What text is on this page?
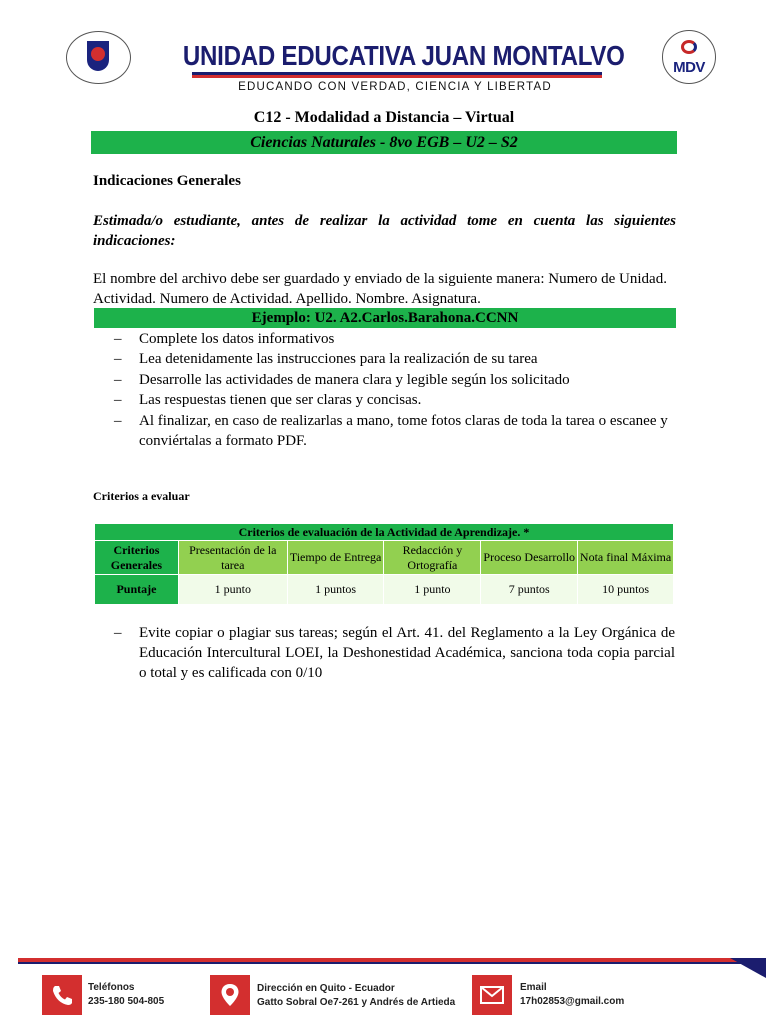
UNIDAD EDUCATIVA JUAN MONTALVO
EDUCANDO CON VERDAD, CIENCIA Y LIBERTAD
MDV
C12 - Modalidad a Distancia – Virtual
Ciencias Naturales - 8vo EGB – U2 – S2
Indicaciones Generales
Estimada/o estudiante, antes de realizar la actividad tome en cuenta las siguientes indicaciones:
El nombre del archivo debe ser guardado y enviado de la siguiente manera: Numero de Unidad. Actividad. Numero de Actividad. Apellido. Nombre. Asignatura.
Ejemplo: U2. A2.Carlos.Barahona.CCNN
– Complete los datos informativos
– Lea detenidamente las instrucciones para la realización de su tarea
– Desarrolle las actividades de manera clara y legible según los solicitado
– Las respuestas tienen que ser claras y concisas.
– Al finalizar, en caso de realizarlas a mano, tome fotos claras de toda la tarea o escanee y conviértalas a formato PDF.
Criterios a evaluar
Criterios de evaluación de la Actividad de Aprendizaje. *					
Criterios Generales	Presentación de la tarea	Tiempo de Entrega	Redacción y Ortografía	Proceso Desarrollo	Nota final Máxima
Puntaje	1 punto	1 puntos	1 punto	7 puntos	10 puntos
– Evite copiar o plagiar sus tareas; según el Art. 41. del Reglamento a la Ley Orgánica de Educación Intercultural LOEI, la Deshonestidad Académica, sanciona toda copia parcial o total y es calificada con 0/10
Teléfonos
235-180 504-805
Dirección en Quito - Ecuador
Gatto Sobral Oe7-261 y Andrés de Artieda
Email
17h02853@gmail.com
